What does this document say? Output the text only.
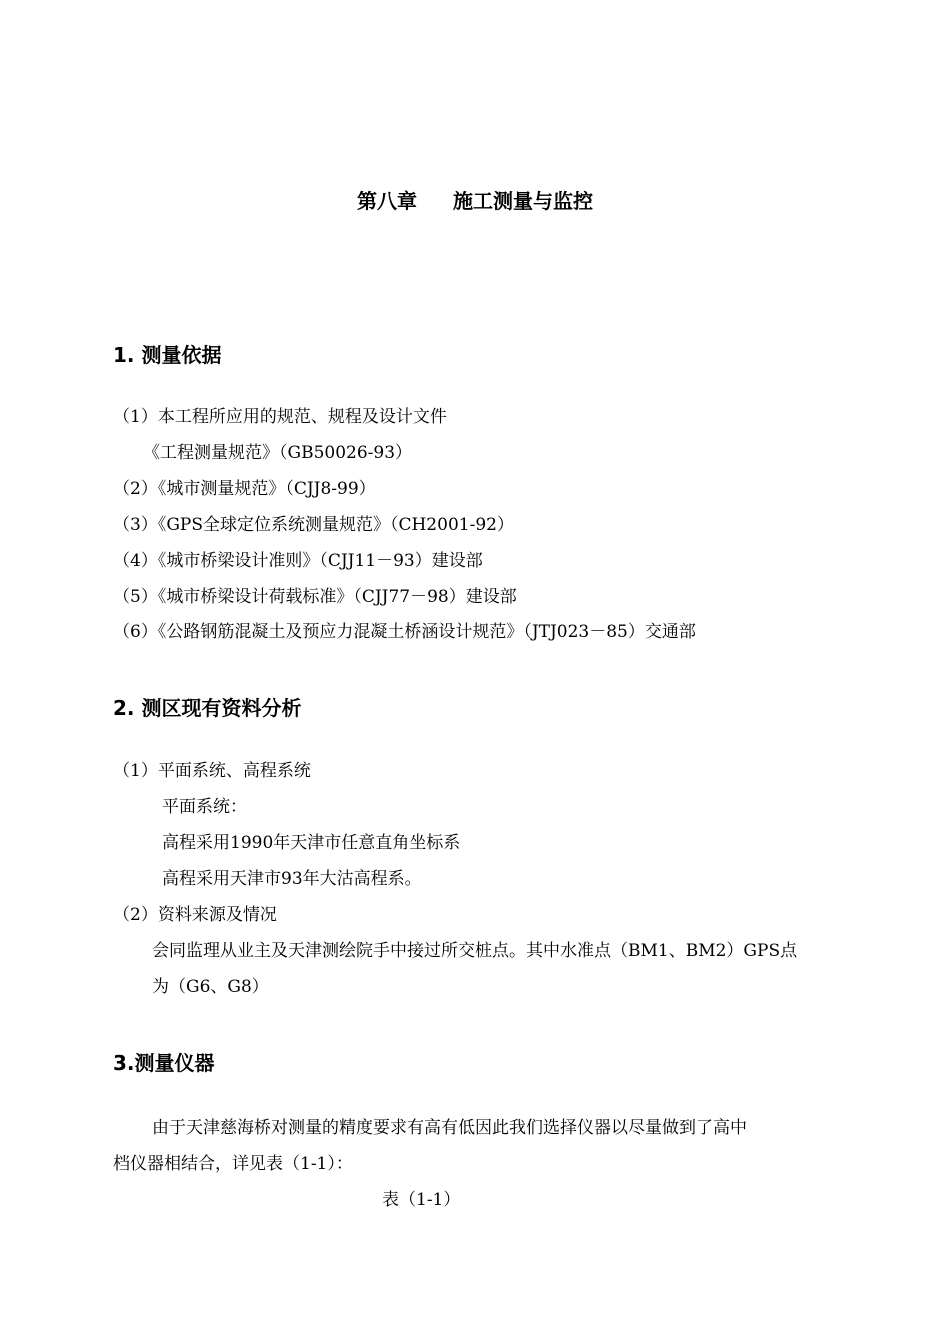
第八章 施工测量与监控
1. 测量依据
（1）本工程所应用的规范、规程及设计文件
《工程测量规范》（GB50026-93）
（2）《城市测量规范》（CJJ8-99）
（3）《GPS全球定位系统测量规范》（CH2001-92）
（4）《城市桥梁设计准则》（CJJ11－93）建设部
（5）《城市桥梁设计荷载标准》（CJJ77－98）建设部
（6）《公路钢筋混凝土及预应力混凝土桥涵设计规范》（JTJ023－85）交通部
2. 测区现有资料分析
（1）平面系统、高程系统
平面系统：
高程采用1990年天津市任意直角坐标系
高程采用天津市93年大沽高程系。
（2）资料来源及情况
会同监理从业主及天津测绘院手中接过所交桩点。其中水准点（BM1、BM2）GPS点
为（G6、G8）
3.测量仪器
由于天津慈海桥对测量的精度要求有高有低因此我们选择仪器以尽量做到了高中
档仪器相结合，详见表（1-1）：
表（1-1）
